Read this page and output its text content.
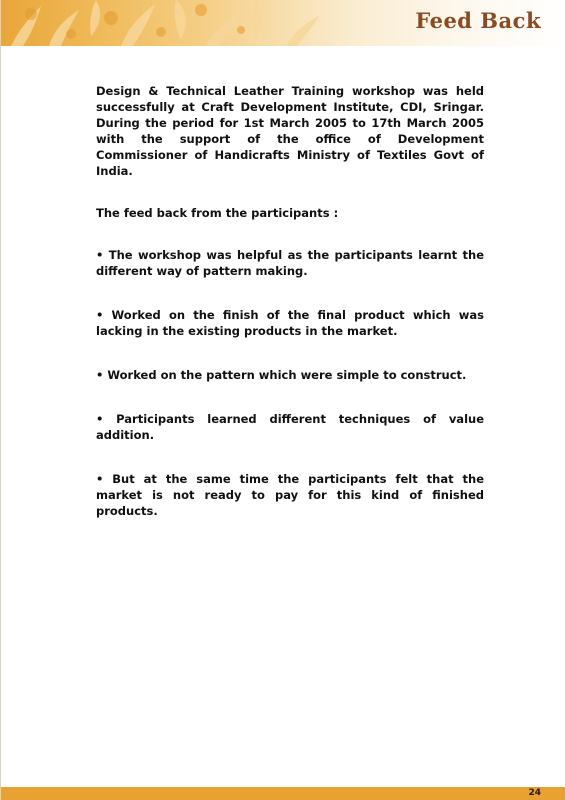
Feed Back

Design & Technical Leather Training workshop was held successfully at Craft Development Institute, CDI, Sringar. During the period for 1st March 2005 to 17th March 2005 with the support of the office of Development Commissioner of Handicrafts Ministry of Textiles Govt of India.

The feed back from the participants :

• The workshop was helpful as the participants learnt the different way of pattern making.

• Worked on the finish of the final product which was lacking in the existing products in the market.

• Worked on the pattern which were simple to construct.

• Participants learned different techniques of value addition.

• But at the same time the participants felt that the market is not ready to pay for this kind of finished products.

24
